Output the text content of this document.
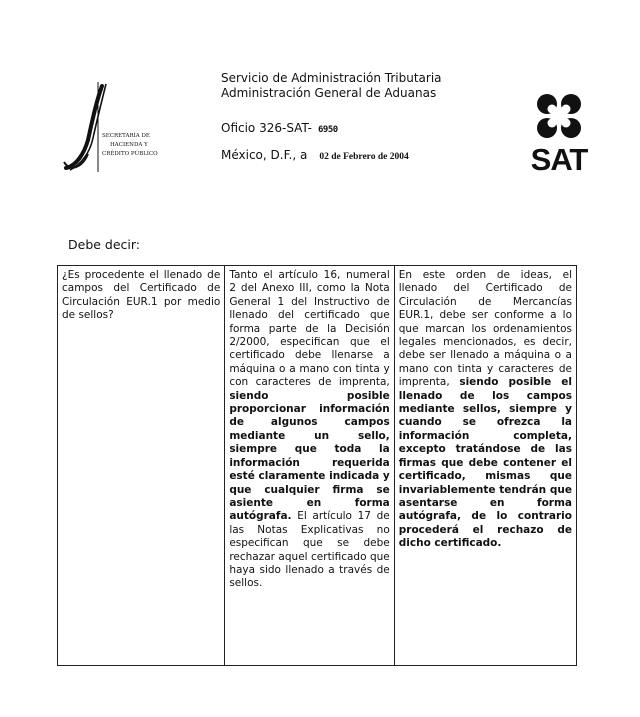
SECRETARÍA DE
HACIENDA Y
CRÉDITO PÚBLICO
Servicio de Administración Tributaria
Administración General de Aduanas
Oficio 326-SAT- 6950
México, D.F., a 02 de Febrero de 2004	SAT
Debe decir:
¿Es procedente el llenado de campos del Certificado de Circulación EUR.1 por medio de sellos?	Tanto el artículo 16, numeral 2 del Anexo III, como la Nota General 1 del Instructivo de llenado del certificado que forma parte de la Decisión 2/2000, especifican que el certificado debe llenarse a máquina o a mano con tinta y con caracteres de imprenta, siendo posible proporcionar información de algunos campos mediante un sello, siempre que toda la información requerida esté claramente indicada y que cualquier firma se asiente en forma autógrafa. El artículo 17 de las Notas Explicativas no especifican que se debe rechazar aquel certificado que haya sido llenado a través de sellos.	En este orden de ideas, el llenado del Certificado de Circulación de Mercancías EUR.1, debe ser conforme a lo que marcan los ordenamientos legales mencionados, es decir, debe ser llenado a máquina o a mano con tinta y caracteres de imprenta, siendo posible el llenado de los campos mediante sellos, siempre y cuando se ofrezca la información completa, excepto tratándose de las firmas que debe contener el certificado, mismas que invariablemente tendrán que asentarse en forma autógrafa, de lo contrario procederá el rechazo de dicho certificado.
